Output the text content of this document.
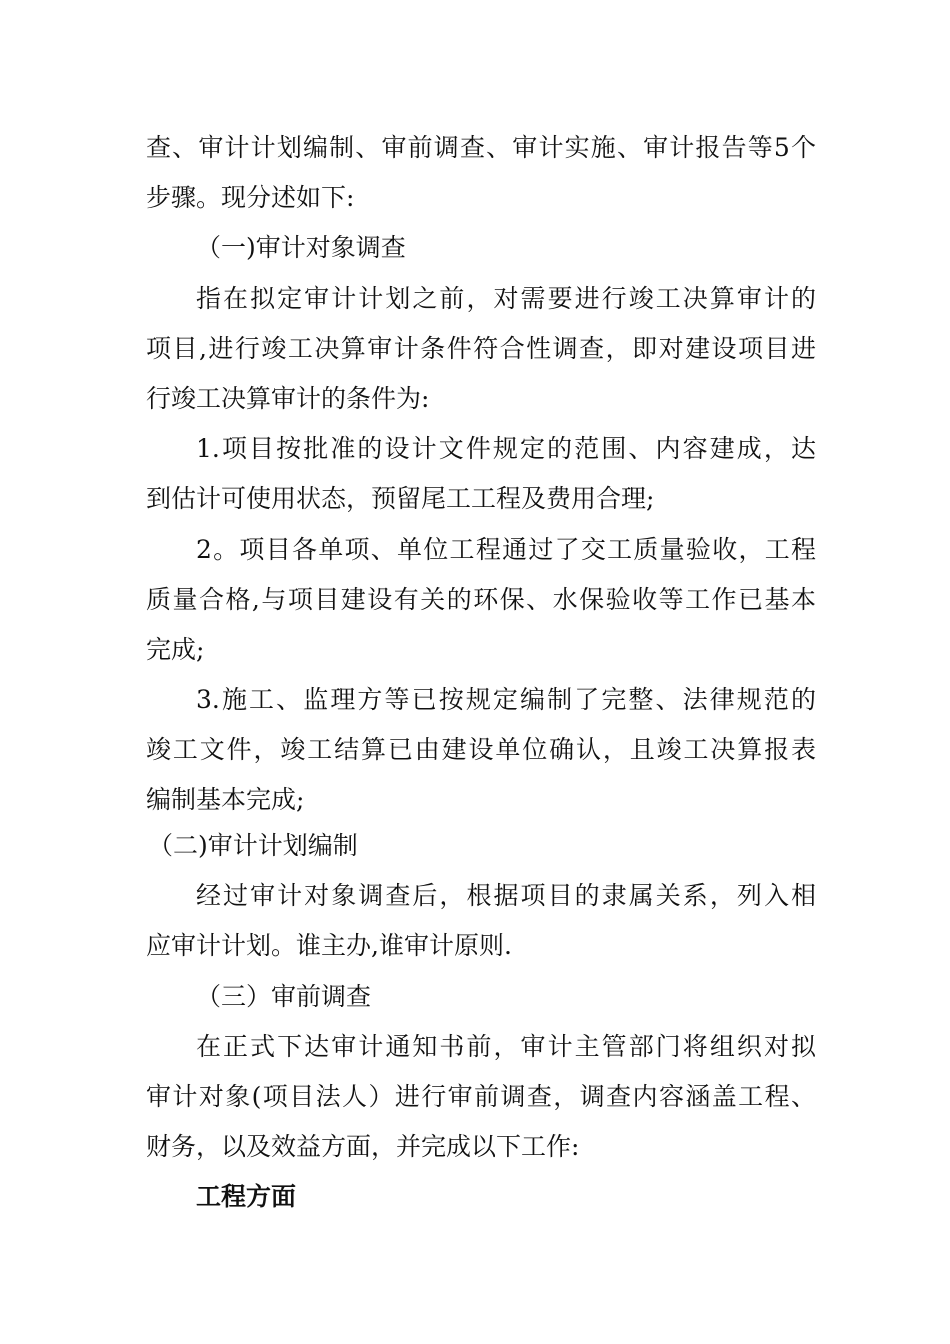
查、审计计划编制、审前调查、审计实施、审计报告等5个
步骤。现分述如下:
（一)审计对象调查
指在拟定审计计划之前，对需要进行竣工决算审计的
项目,进行竣工决算审计条件符合性调查，即对建设项目进
行竣工决算审计的条件为:
1.项目按批准的设计文件规定的范围、内容建成，达
到估计可使用状态，预留尾工工程及费用合理;
2。项目各单项、单位工程通过了交工质量验收，工程
质量合格,与项目建设有关的环保、水保验收等工作已基本
完成;
3.施工、监理方等已按规定编制了完整、法律规范的
竣工文件，竣工结算已由建设单位确认，且竣工决算报表
编制基本完成;
（二)审计计划编制
经过审计对象调查后，根据项目的隶属关系，列入相
应审计计划。谁主办,谁审计原则.
（三）审前调查
在正式下达审计通知书前，审计主管部门将组织对拟
审计对象(项目法人）进行审前调查，调查内容涵盖工程、
财务，以及效益方面，并完成以下工作:
工程方面
